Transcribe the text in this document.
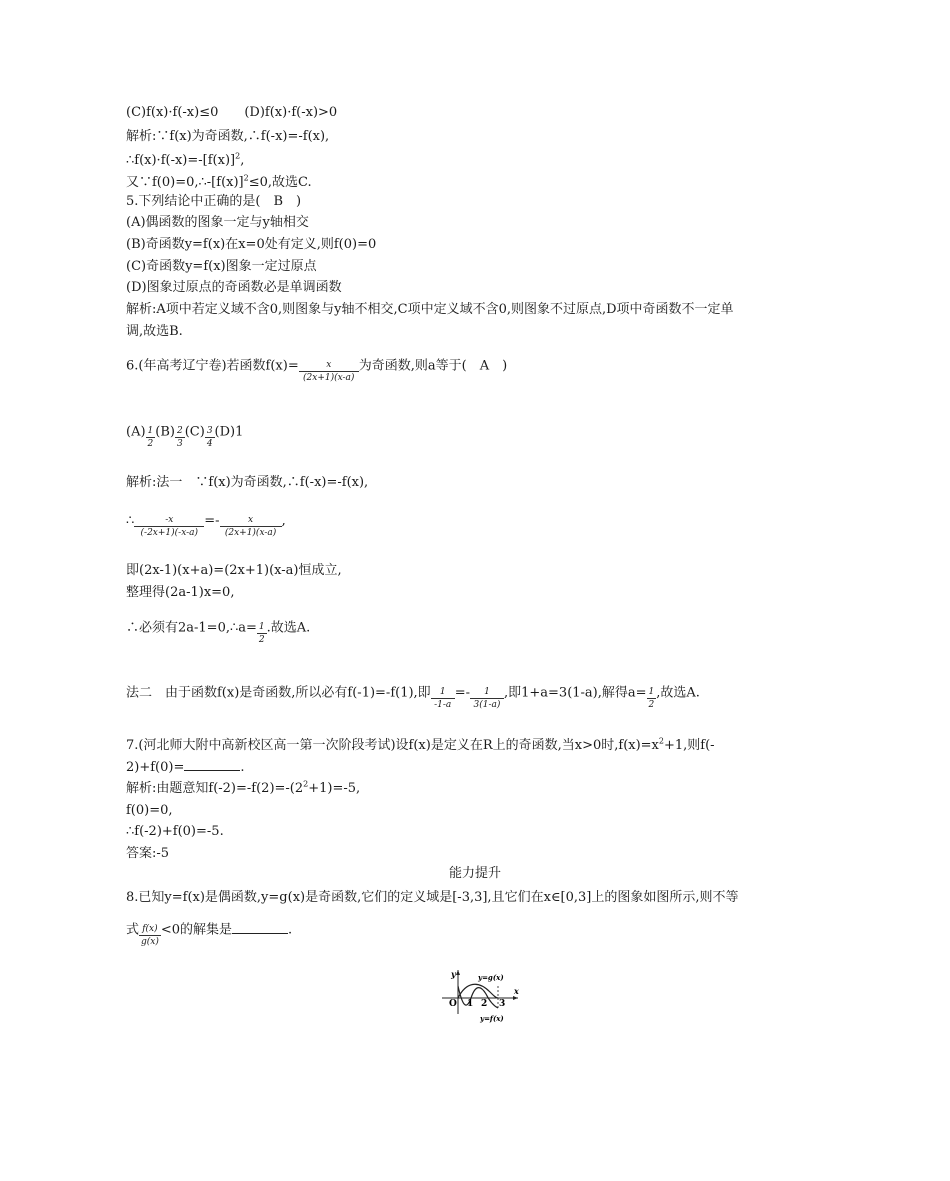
(C)f(x)·f(-x)≤0　　(D)f(x)·f(-x)>0
解析:∵f(x)为奇函数,∴f(-x)=-f(x),
$\therefore f(x)\cdot f(-x)=-[f(x)]^2$,
又$\because f(0)=0,\therefore-[f(x)]^2\le 0$,故选C.
5.下列结论中正确的是(　B　)
(A)偶函数的图象一定与y轴相交
(B)奇函数y=f(x)在x=0处有定义,则f(0)=0
(C)奇函数y=f(x)图象一定过原点
(D)图象过原点的奇函数必是单调函数
解析:A项中若定义域不含0,则图象与y轴不相交,C项中定义域不含0,则图象不过原点,D项中奇函数不一定单
调,故选B.
6.(年高考辽宁卷)若函数$f(x)= \frac{x}{(2x+1)(x-a)}$ 为奇函数,则a等于(　A　)
$(A) \frac{1}{2} (B) \frac{2}{3} (C) \frac{3}{4} (D)1$
解析:法一　∵f(x)为奇函数,∴f(-x)=-f(x),
∴ $\frac{-x}{(-2x+1)(-x-a)} =- \frac{x}{(2x+1)(x-a)}$ ,
即(2x-1)(x+a)=(2x+1)(x-a)恒成立,
整理得(2a-1)x=0,
∴必须有2a-1=0,∴a= $\frac{1}{2}$ .故选A.
法二　由于函数f(x)是奇函数,所以必有f(-1)=-f(1),即 $\frac{1}{-1-a} =- \frac{1}{3(1-a)}$ ,即1+a=3(1-a),解得$a= \frac{1}{2}$ ,故选A.
7.(河北师大附中高新校区高一第一次阶段考试)设f(x)是定义在R上的奇函数,当x>0时$,f(x)=x^2+1$,则f(-
2)+f(0)=	.
解析:由题意知$f(-2)=-f(2)=-(2^2+1)=-5$,
f(0)=0,
∴f(-2)+f(0)=-5.
答案:-5
能力提升
8.已知y=f(x)是偶函数,y=g(x)是奇函数,它们的定义域是[-3,3],且它们在x∈[0,3]上的图象如图所示,则不等
式 $\frac{f(x)}{g(x)} <0$的解集是	.
y
x
O 1 2 3
y=g(x)
y=f(x)
